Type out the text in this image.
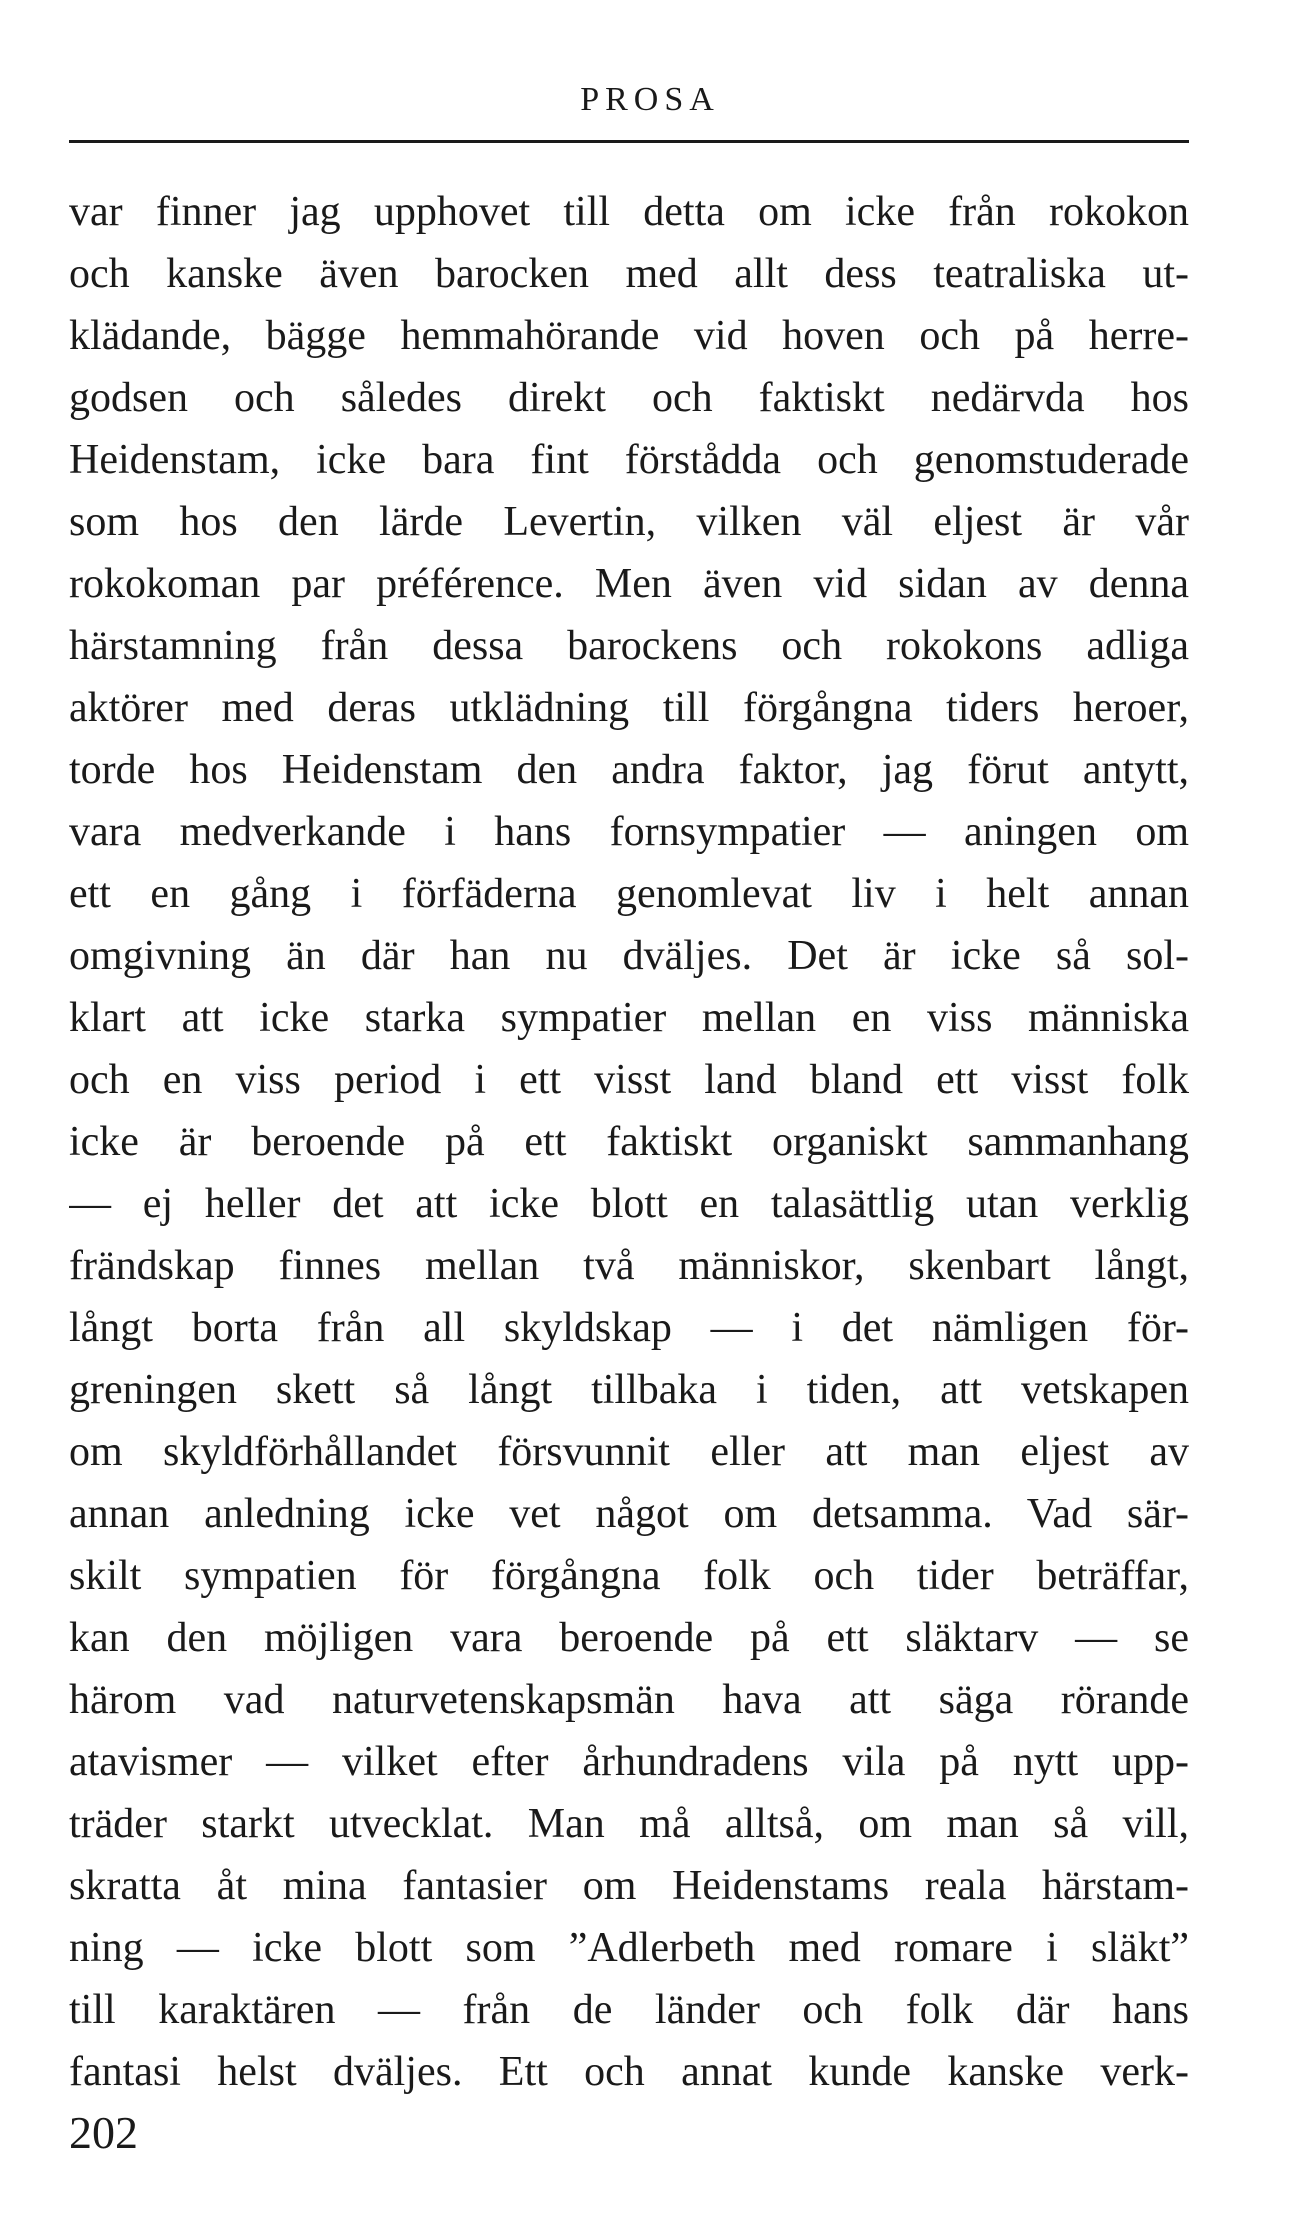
PROSA
var finner jag upphovet till detta om icke från rokokon
och kanske även barocken med allt dess teatraliska ut-
klädande, bägge hemmahörande vid hoven och på herre-
godsen och således direkt och faktiskt nedärvda hos
Heidenstam, icke bara fint förstådda och genomstuderade
som hos den lärde Levertin, vilken väl eljest är vår
rokokoman par préférence. Men även vid sidan av denna
härstamning från dessa barockens och rokokons adliga
aktörer med deras utklädning till förgångna tiders heroer,
torde hos Heidenstam den andra faktor, jag förut antytt,
vara medverkande i hans fornsympatier — aningen om
ett en gång i förfäderna genomlevat liv i helt annan
omgivning än där han nu dväljes. Det är icke så sol-
klart att icke starka sympatier mellan en viss människa
och en viss period i ett visst land bland ett visst folk
icke är beroende på ett faktiskt organiskt sammanhang
— ej heller det att icke blott en talasättlig utan verklig
frändskap finnes mellan två människor, skenbart långt,
långt borta från all skyldskap — i det nämligen för-
greningen skett så långt tillbaka i tiden, att vetskapen
om skyldförhållandet försvunnit eller att man eljest av
annan anledning icke vet något om detsamma. Vad sär-
skilt sympatien för förgångna folk och tider beträffar,
kan den möjligen vara beroende på ett släktarv — se
härom vad naturvetenskapsmän hava att säga rörande
atavismer — vilket efter århundradens vila på nytt upp-
träder starkt utvecklat. Man må alltså, om man så vill,
skratta åt mina fantasier om Heidenstams reala härstam-
ning — icke blott som ”Adlerbeth med romare i släkt”
till karaktären — från de länder och folk där hans
fantasi helst dväljes. Ett och annat kunde kanske verk-
202
